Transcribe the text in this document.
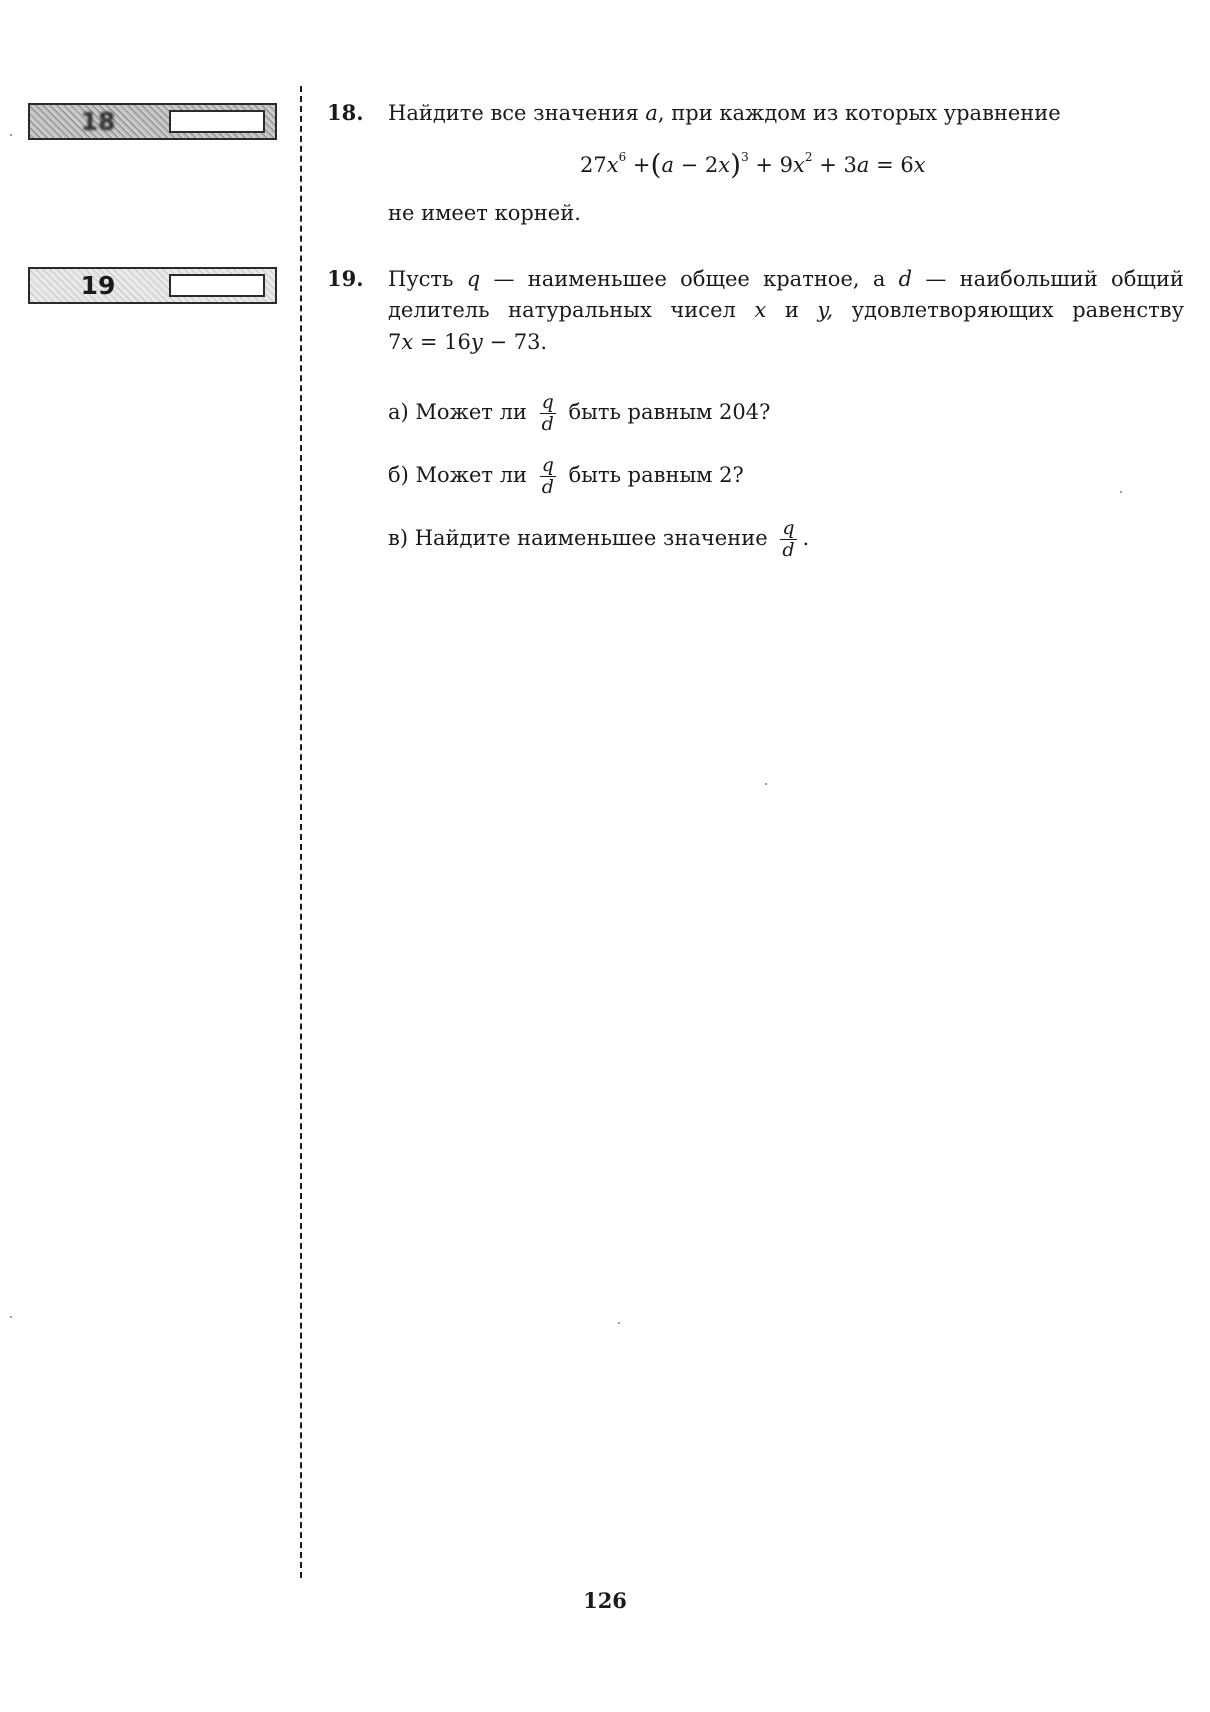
18
19
18. Найдите все значения a, при каждом из которых уравнение
$27x^6 +(a - 2x)^3 + 9x^2 + 3a = 6x$
не имеет корней.
19. Пусть q — наименьшее общее кратное, а d — наибольший общий
делитель натуральных чисел x и y, удовлетворяющих равенству
7x = 16y − 73.
а) Может ли $\frac{q}{d}$ быть равным 204?
б) Может ли $\frac{q}{d}$ быть равным 2?
в) Найдите наименьшее значение $\frac{q}{d}$ .
126
